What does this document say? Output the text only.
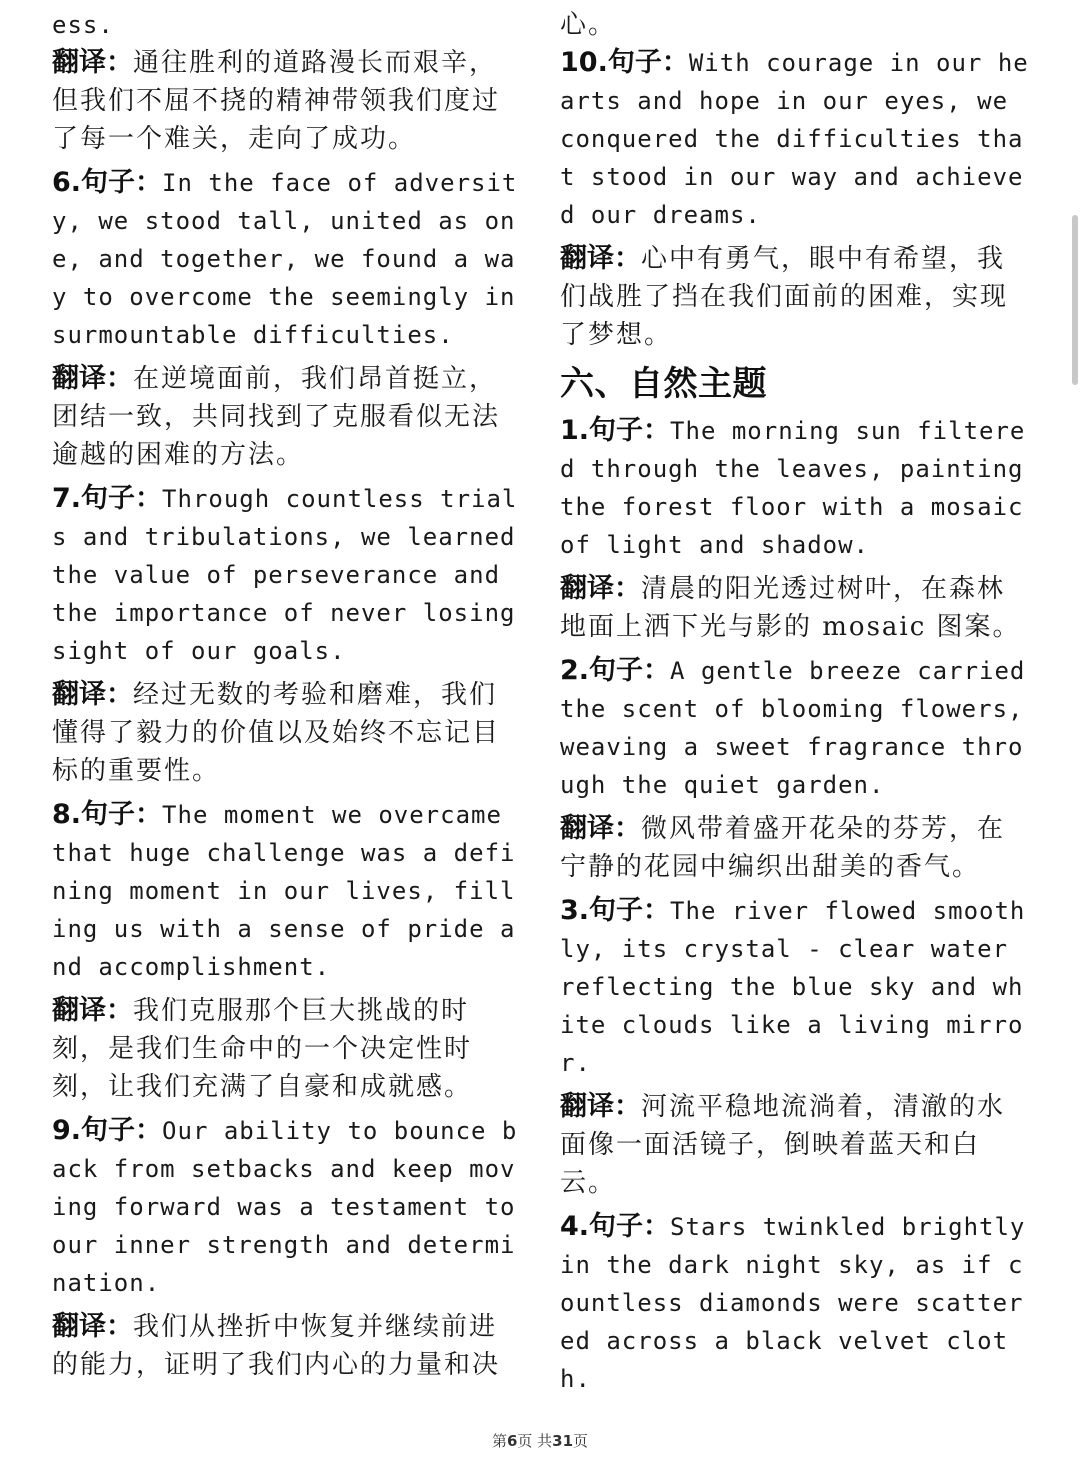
ess.

翻译：通往胜利的道路漫长而艰辛，但我们不屈不挠的精神带领我们度过了每一个难关，走向了成功。

6.句子：In the face of adversity, we stood tall, united as one, and together, we found a way to overcome the seemingly insurmountable difficulties.

翻译：在逆境面前，我们昂首挺立，团结一致，共同找到了克服看似无法逾越的困难的方法。

7.句子：Through countless trials and tribulations, we learned the value of perseverance and the importance of never losing sight of our goals.

翻译：经过无数的考验和磨难，我们懂得了毅力的价值以及始终不忘记目标的重要性。

8.句子：The moment we overcame that huge challenge was a defining moment in our lives, filling us with a sense of pride and accomplishment.

翻译：我们克服那个巨大挑战的时刻，是我们生命中的一个决定性时刻，让我们充满了自豪和成就感。

9.句子：Our ability to bounce back from setbacks and keep moving forward was a testament to our inner strength and determination.

翻译：我们从挫折中恢复并继续前进的能力，证明了我们内心的力量和决

心。

10.句子：With courage in our hearts and hope in our eyes, we conquered the difficulties that stood in our way and achieved our dreams.

翻译：心中有勇气，眼中有希望，我们战胜了挡在我们面前的困难，实现了梦想。

六、自然主题

1.句子：The morning sun filtered through the leaves, painting the forest floor with a mosaic of light and shadow.

翻译：清晨的阳光透过树叶，在森林地面上洒下光与影的 mosaic 图案。

2.句子：A gentle breeze carried the scent of blooming flowers, weaving a sweet fragrance through the quiet garden.

翻译：微风带着盛开花朵的芬芳，在宁静的花园中编织出甜美的香气。

3.句子：The river flowed smoothly, its crystal - clear water reflecting the blue sky and white clouds like a living mirror.

翻译：河流平稳地流淌着，清澈的水面像一面活镜子，倒映着蓝天和白云。

4.句子：Stars twinkled brightly in the dark night sky, as if countless diamonds were scattered across a black velvet cloth.

第6页 共31页
